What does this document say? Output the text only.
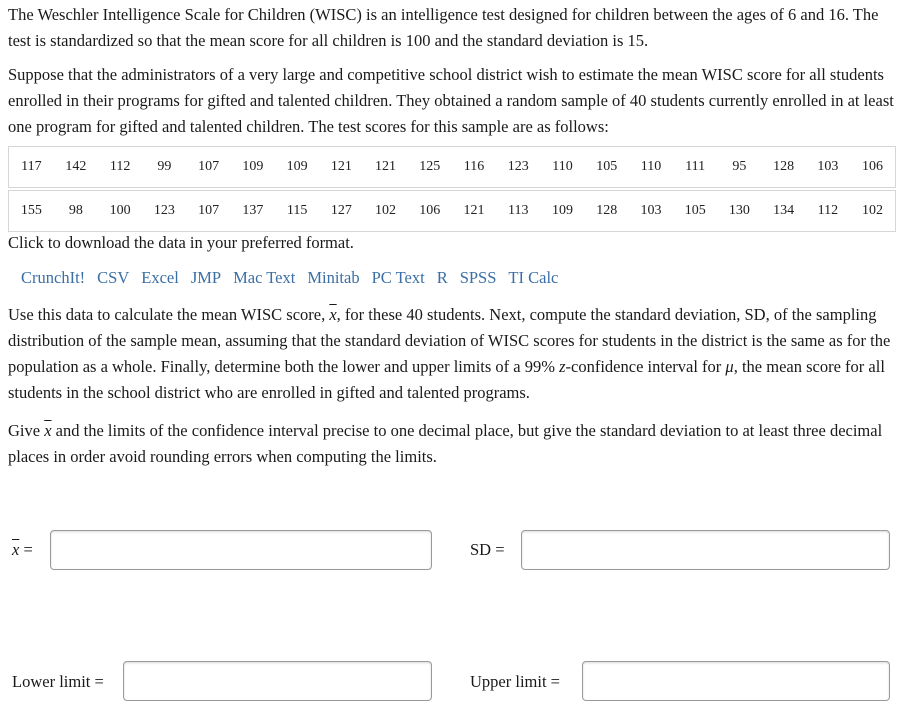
The Weschler Intelligence Scale for Children (WISC) is an intelligence test designed for children between the ages of 6 and 16. The test is standardized so that the mean score for all children is 100 and the standard deviation is 15.

Suppose that the administrators of a very large and competitive school district wish to estimate the mean WISC score for all students enrolled in their programs for gifted and talented children. They obtained a random sample of 40 students currently enrolled in at least one program for gifted and talented children. The test scores for this sample are as follows:

117	142	112	99	107	109	109	121	121	125	116	123	110	105	110	111	95	128	103	106

155	98	100	123	107	137	115	127	102	106	121	113	109	128	103	105	130	134	112	102

Click to download the data in your preferred format.

CrunchIt! CSV Excel JMP Mac Text Minitab PC Text R SPSS TI Calc

Use this data to calculate the mean WISC score, $\overline{x}$, for these 40 students. Next, compute the standard deviation, SD, of the sampling distribution of the sample mean, assuming that the standard deviation of WISC scores for students in the district is the same as for the population as a whole. Finally, determine both the lower and upper limits of a 99% z-confidence interval for μ, the mean score for all students in the school district who are enrolled in gifted and talented programs.

Give $\overline{x}$ and the limits of the confidence interval precise to one decimal place, but give the standard deviation to at least three decimal places in order avoid rounding errors when computing the limits.

$\overline{x}$ =	SD =
Lower limit =	Upper limit =
